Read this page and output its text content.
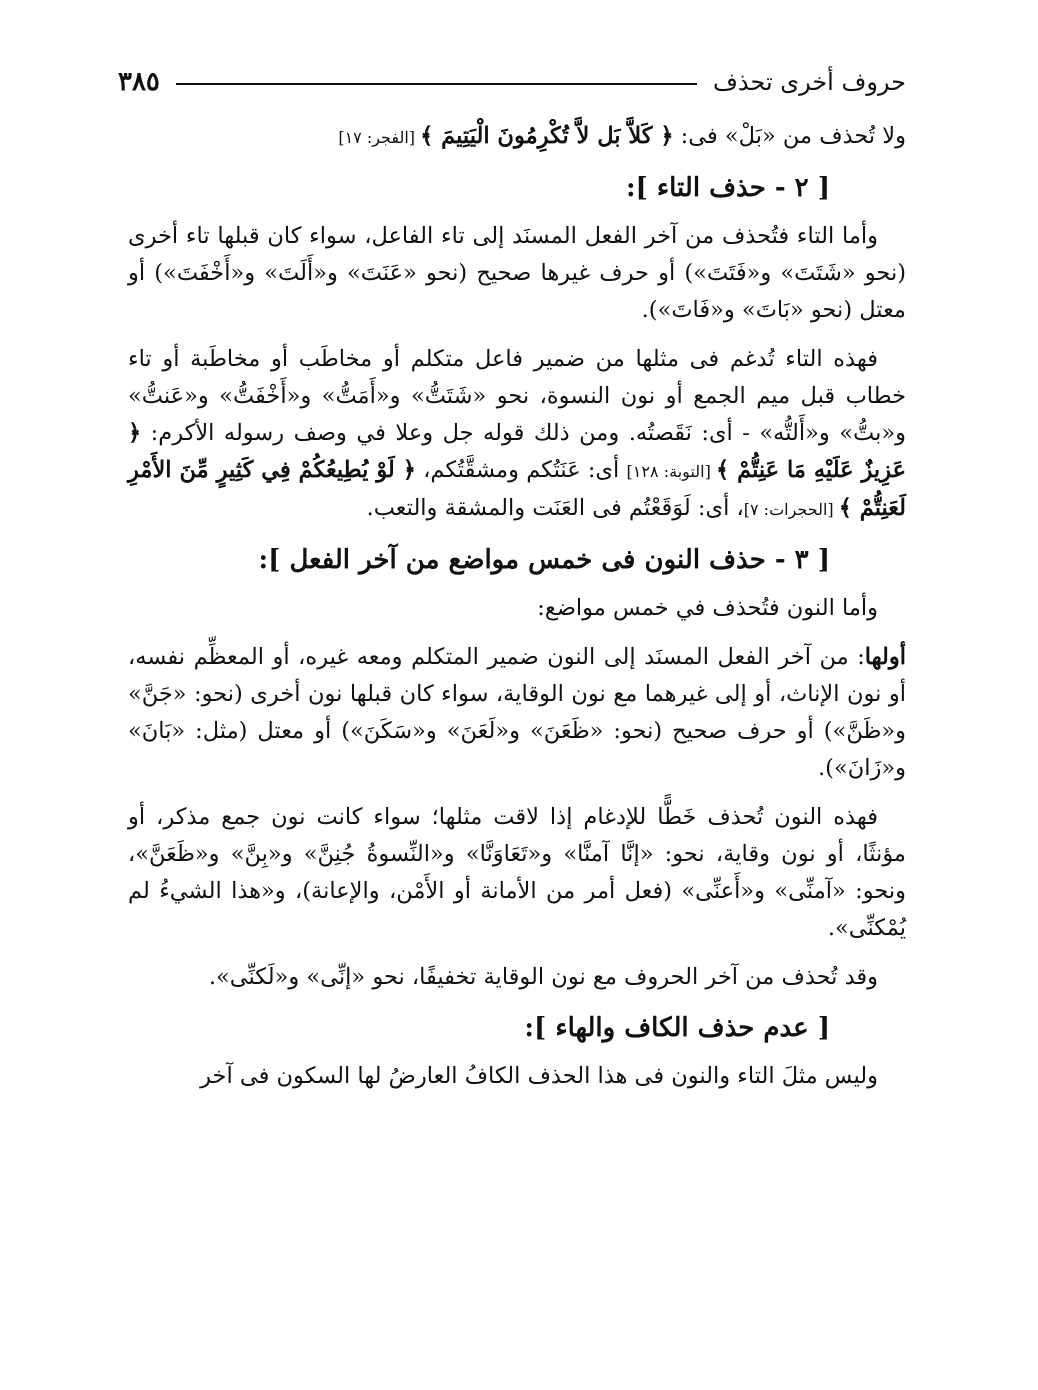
حروف أخرى تحذف
٣٨٥

ولا تُحذف من «بَلْ» فى: ﴿ كَلاَّ بَل لاَّ تُكْرِمُونَ الْيَتِيمَ ﴾ [الفجر: ١٧]

[ ٢ - حذف التاء ]:

وأما التاء فتُحذف من آخر الفعل المسنَد إلى تاء الفاعل، سواء كان قبلها تاء أخرى (نحو «شَتَتَ» و«فَتَتَ») أو حرف غيرها صحيح (نحو «عَنَتَ» و«أَلَتَ» و«أَخْفَتَ») أو معتل (نحو «بَاتَ» و«فَاتَ»).

فهذه التاء تُدغم فى مثلها من ضمير فاعل متكلم أو مخاطَب أو مخاطَبة أو تاء خطاب قبل ميم الجمع أو نون النسوة، نحو «شَتَتُّ» و«أَمَتُّ» و«أَخْفَتُّ» و«عَنتُّ» و«بتُّ» و«أَلتُّه» - أى: نَقَصتُه. ومن ذلك قوله جل وعلا في وصف رسوله الأكرم: ﴿ عَزِيزٌ عَلَيْهِ مَا عَنِتُّمْ ﴾ [التوبة: ١٢٨] أى: عَنَتُكم ومشقَّتُكم، ﴿ لَوْ يُطِيعُكُمْ فِي كَثِيرٍ مِّنَ الأَمْرِ لَعَنِتُّمْ ﴾ [الحجرات: ٧]، أى: لَوَقَعْتُم فى العَنَت والمشقة والتعب.

[ ٣ - حذف النون فى خمس مواضع من آخر الفعل ]:

وأما النون فتُحذف في خمس مواضع:

أولها: من آخر الفعل المسنَد إلى النون ضمير المتكلم ومعه غيره، أو المعظِّم نفسه، أو نون الإناث، أو إلى غيرهما مع نون الوقاية، سواء كان قبلها نون أخرى (نحو: «جَنَّ» و«ظَنَّ») أو حرف صحيح (نحو: «ظَعَنَ» و«لَعَنَ» و«سَكَنَ») أو معتل (مثل: «بَانَ» و«زَانَ»).

فهذه النون تُحذف خَطًّا للإدغام إذا لاقت مثلها؛ سواء كانت نون جمع مذكر، أو مؤنثًا، أو نون وقاية، نحو: «إنَّا آمنَّا» و«تَعَاوَنَّا» و«النِّسوةُ جُنِنَّ» و«بِنَّ» و«ظَعَنَّ»، ونحو: «آمنِّى» و«أَعنِّى» (فعل أمر من الأمانة أو الأَمْن، والإعانة)، و«هذا الشيءُ لم يُمْكنِّى».

وقد تُحذف من آخر الحروف مع نون الوقاية تخفيفًا، نحو «إنِّى» و«لَكنِّى».

[ عدم حذف الكاف والهاء ]:

وليس مثلَ التاء والنون فى هذا الحذف الكافُ العارضُ لها السكون فى آخر
